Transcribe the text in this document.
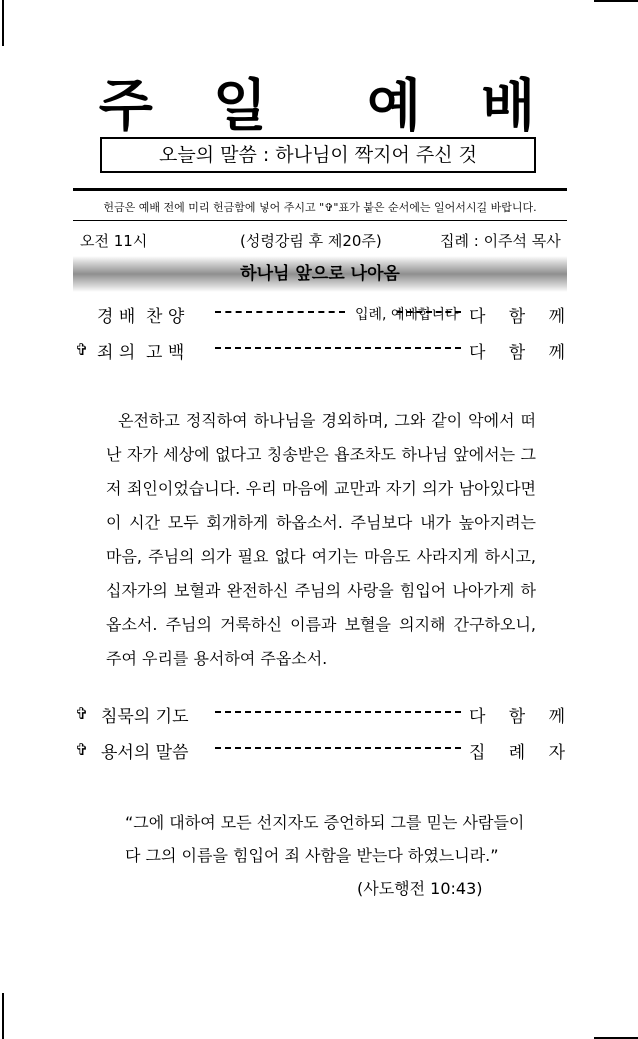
주 일 예 배
오늘의 말씀 : 하나님이 짝지어 주신 것
헌금은 예배 전에 미리 헌금함에 넣어 주시고 "✞"표가 붙은 순서에는 일어서시길 바랍니다.
오전 11시	(성령강림 후 제20주)	집례 : 이주석 목사
하나님 앞으로 나아옴
경 배  찬 양	입례, 예배합니다 다 함 께
✞ 죄 의  고 백	다 함 께

온전하고 정직하여 하나님을 경외하며, 그와 같이 악에서 떠난 자가 세상에 없다고 칭송받은 욥조차도 하나님 앞에서는 그저 죄인이었습니다. 우리 마음에 교만과 자기 의가 남아있다면 이 시간 모두 회개하게 하옵소서. 주님보다 내가 높아지려는 마음, 주님의 의가 필요 없다 여기는 마음도 사라지게 하시고, 십자가의 보혈과 완전하신 주님의 사랑을 힘입어 나아가게 하옵소서. 주님의 거룩하신 이름과 보혈을 의지해 간구하오니, 주여 우리를 용서하여 주옵소서.

✞ 침묵의 기도	다 함 께
✞ 용서의 말씀	집 례 자
“그에 대하여 모든 선지자도 증언하되 그를 믿는 사람들이 다 그의 이름을 힘입어 죄 사함을 받는다 하였느니라.”
(사도행전 10:43)
